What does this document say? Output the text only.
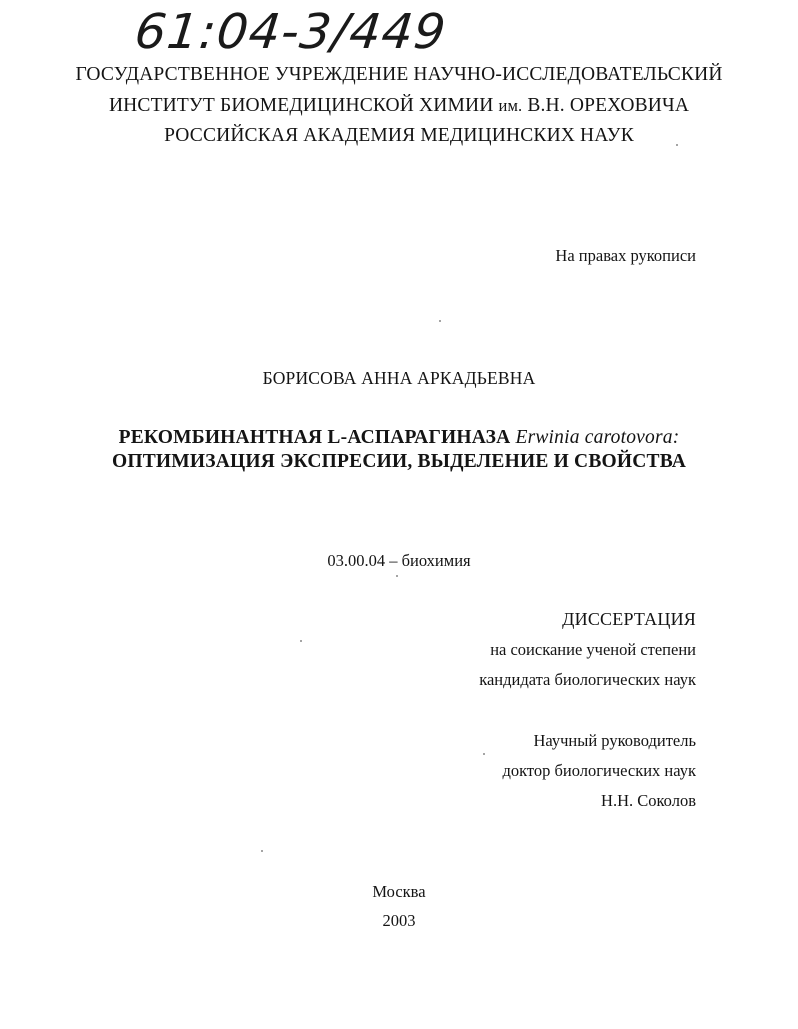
61:04-3/449
ГОСУДАРСТВЕННОЕ УЧРЕЖДЕНИЕ НАУЧНО-ИССЛЕДОВАТЕЛЬСКИЙ
ИНСТИТУТ БИОМЕДИЦИНСКОЙ ХИМИИ им. В.Н. ОРЕХОВИЧА
РОССИЙСКАЯ АКАДЕМИЯ МЕДИЦИНСКИХ НАУК
На правах рукописи
БОРИСОВА АННА АРКАДЬЕВНА
РЕКОМБИНАНТНАЯ L-АСПАРАГИНАЗА Erwinia carotovora:
ОПТИМИЗАЦИЯ ЭКСПРЕСИИ, ВЫДЕЛЕНИЕ И СВОЙСТВА
03.00.04 – биохимия
ДИССЕРТАЦИЯ
на соискание ученой степени
кандидата биологических наук
Научный руководитель
доктор биологических наук
Н.Н. Соколов
Москва
2003
